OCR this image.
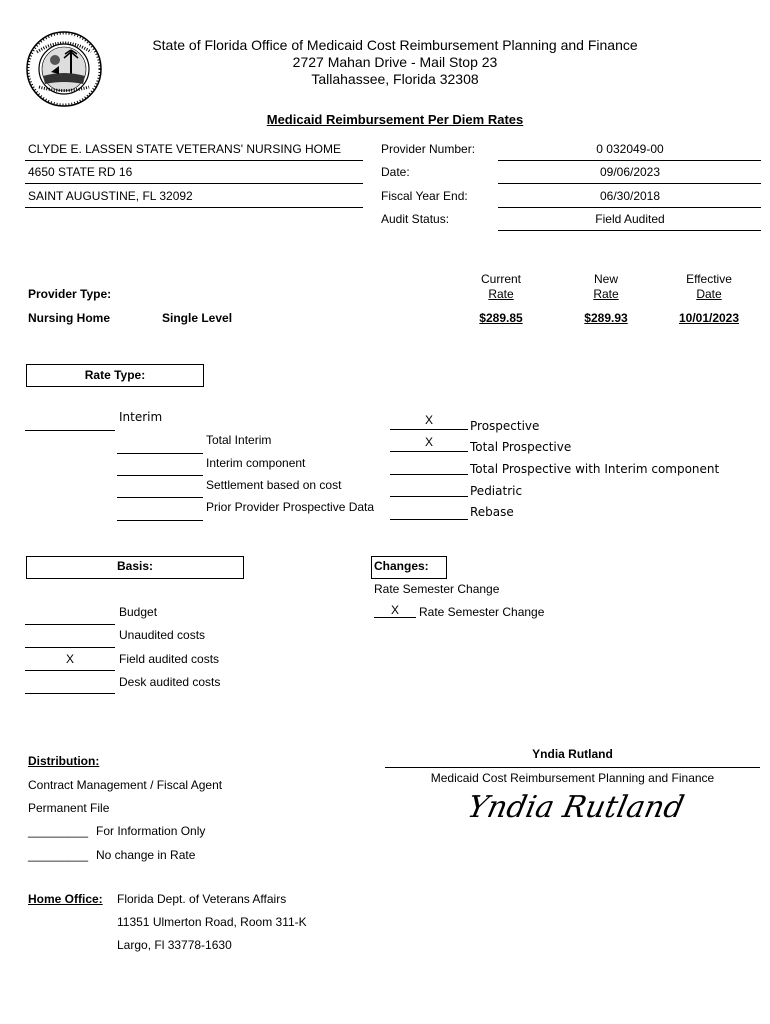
State of Florida Office of Medicaid Cost Reimbursement Planning and Finance
2727 Mahan Drive - Mail Stop 23
Tallahassee, Florida 32308
Medicaid Reimbursement Per Diem Rates
CLYDE E. LASSEN STATE VETERANS' NURSING HOME
4650 STATE RD 16
SAINT AUGUSTINE, FL 32092
Provider Number:	0 032049-00
Date:	09/06/2023
Fiscal Year End:	06/30/2018
Audit Status:	Field Audited
Current
Rate
New
Rate
Effective
Date
Provider Type:
Nursing Home	Single Level	$289.85	$289.93	10/01/2023
Rate Type:
Interim
Total Interim
Interim component
Settlement based on cost
Prior Provider Prospective Data
X	Prospective
X	Total Prospective
Total Prospective with Interim component
Pediatric
Rebase
Basis:
Budget
Unaudited costs
X	Field audited costs
Desk audited costs
Changes:
Rate Semester Change
X	Rate Semester Change
Yndia Rutland
Medicaid Cost Reimbursement Planning and Finance
Yndia Rutland
Distribution:
Contract Management / Fiscal Agent
Permanent File
_________ For Information Only
_________ No change in Rate
Home Office: Florida Dept. of Veterans Affairs
11351 Ulmerton Road, Room 311-K
Largo, Fl 33778-1630
